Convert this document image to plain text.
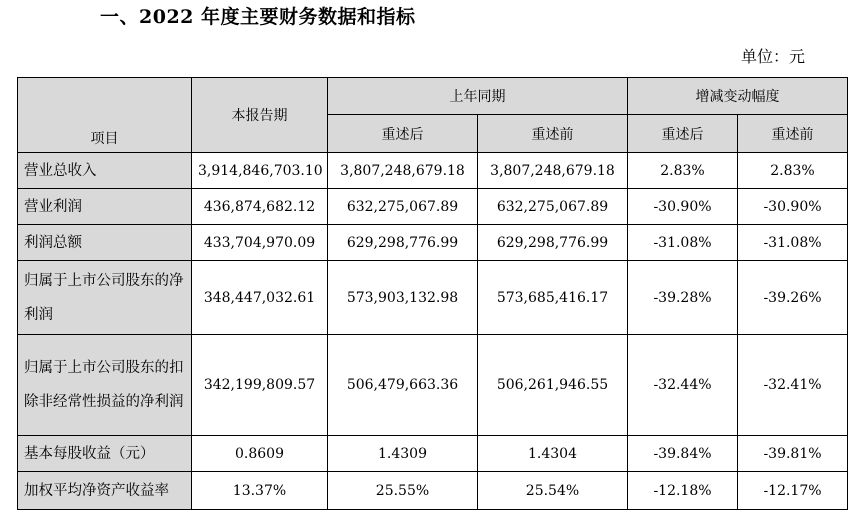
一、2022 年度主要财务数据和指标
单位：元
项目	本报告期	上年同期		增减变动幅度	
		重述后	重述前	重述后	重述前
营业总收入	3,914,846,703.10	3,807,248,679.18	3,807,248,679.18	2.83%	2.83%
营业利润	436,874,682.12	632,275,067.89	632,275,067.89	-30.90%	-30.90%
利润总额	433,704,970.09	629,298,776.99	629,298,776.99	-31.08%	-31.08%
归属于上市公司股东的净利润	348,447,032.61	573,903,132.98	573,685,416.17	-39.28%	-39.26%
归属于上市公司股东的扣除非经常性损益的净利润	342,199,809.57	506,479,663.36	506,261,946.55	-32.44%	-32.41%
基本每股收益（元）	0.8609	1.4309	1.4304	-39.84%	-39.81%
加权平均净资产收益率	13.37%	25.55%	25.54%	-12.18%	-12.17%
